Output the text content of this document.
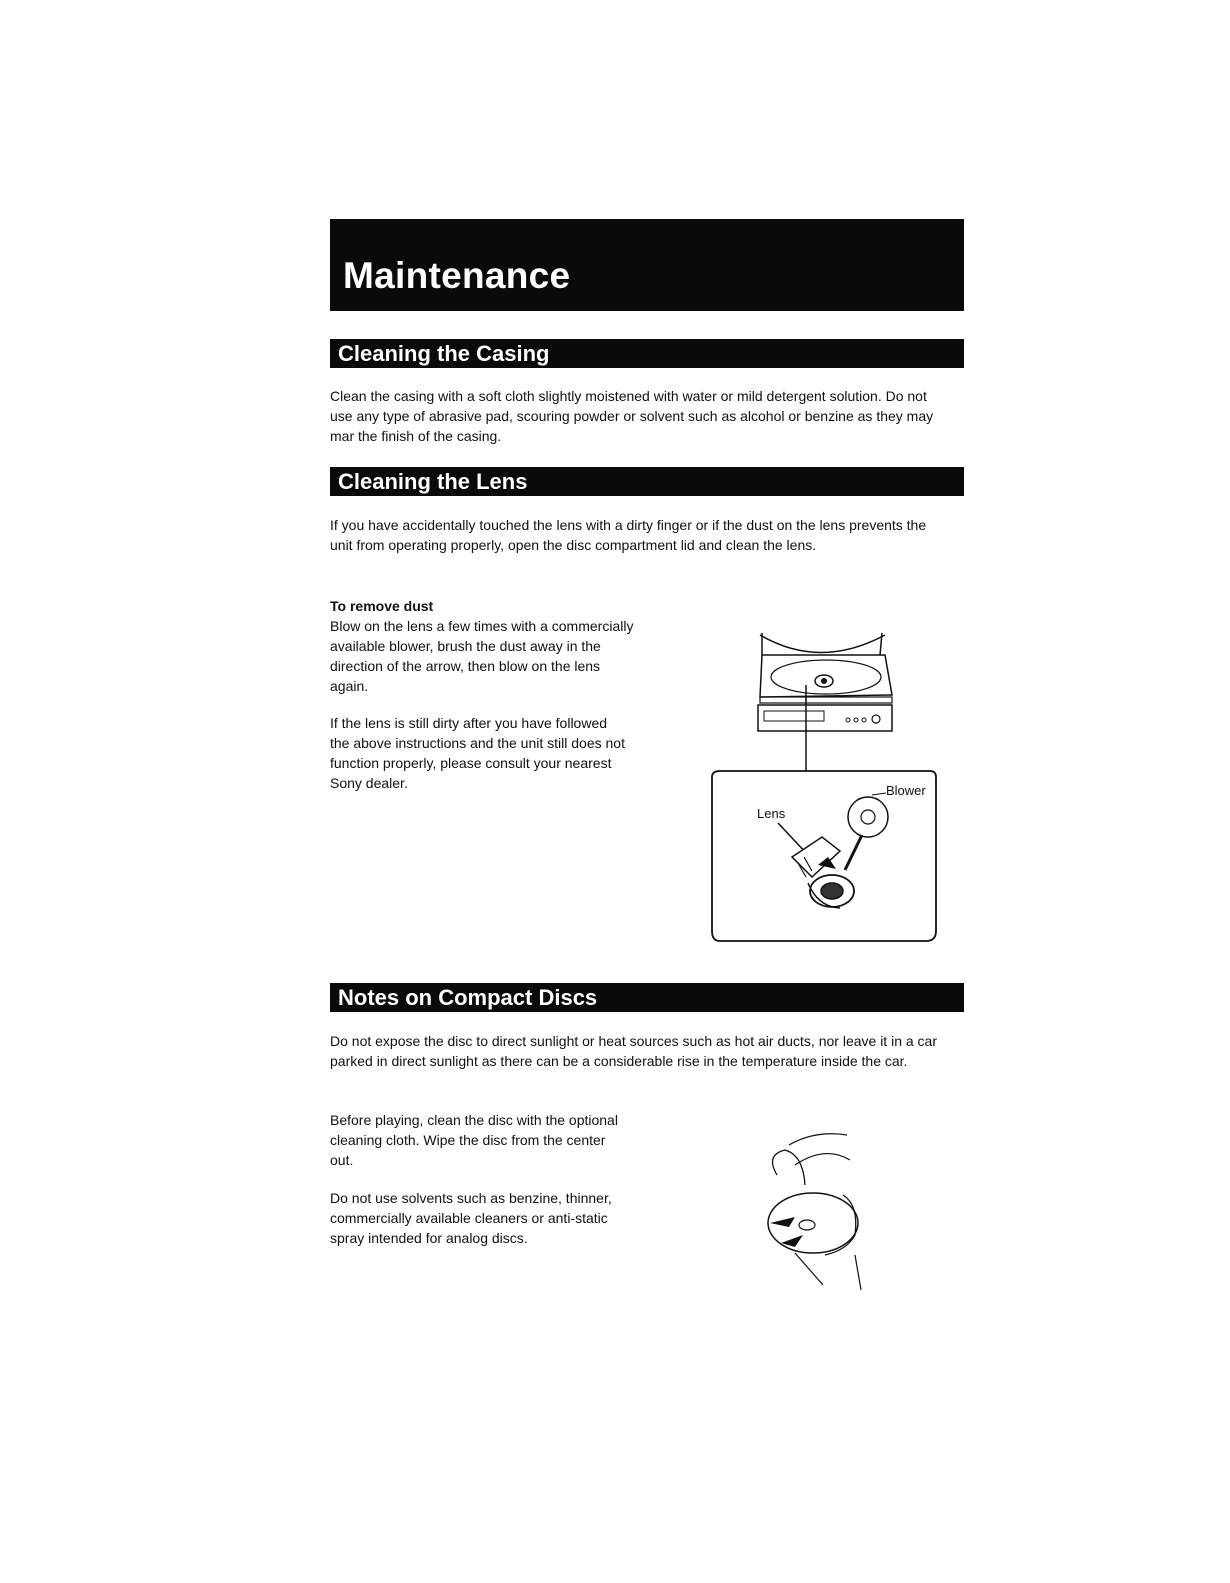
Maintenance
Cleaning the Casing

Clean the casing with a soft cloth slightly moistened with water or mild detergent solution. Do not use any type of abrasive pad, scouring powder or solvent such as alcohol or benzine as they may mar the finish of the casing.

Cleaning the Lens

If you have accidentally touched the lens with a dirty finger or if the dust on the lens prevents the unit from operating properly, open the disc compartment lid and clean the lens.

To remove dust
Blow on the lens a few times with a commercially available blower, brush the dust away in the direction of the arrow, then blow on the lens again.

If the lens is still dirty after you have followed the above instructions and the unit still does not function properly, please consult your nearest Sony dealer.

Lens
Blower
Notes on Compact Discs

Do not expose the disc to direct sunlight or heat sources such as hot air ducts, nor leave it in a car parked in direct sunlight as there can be a considerable rise in the temperature inside the car.

Before playing, clean the disc with the optional cleaning cloth. Wipe the disc from the center out.

Do not use solvents such as benzine, thinner, commercially available cleaners or anti-static spray intended for analog discs.
